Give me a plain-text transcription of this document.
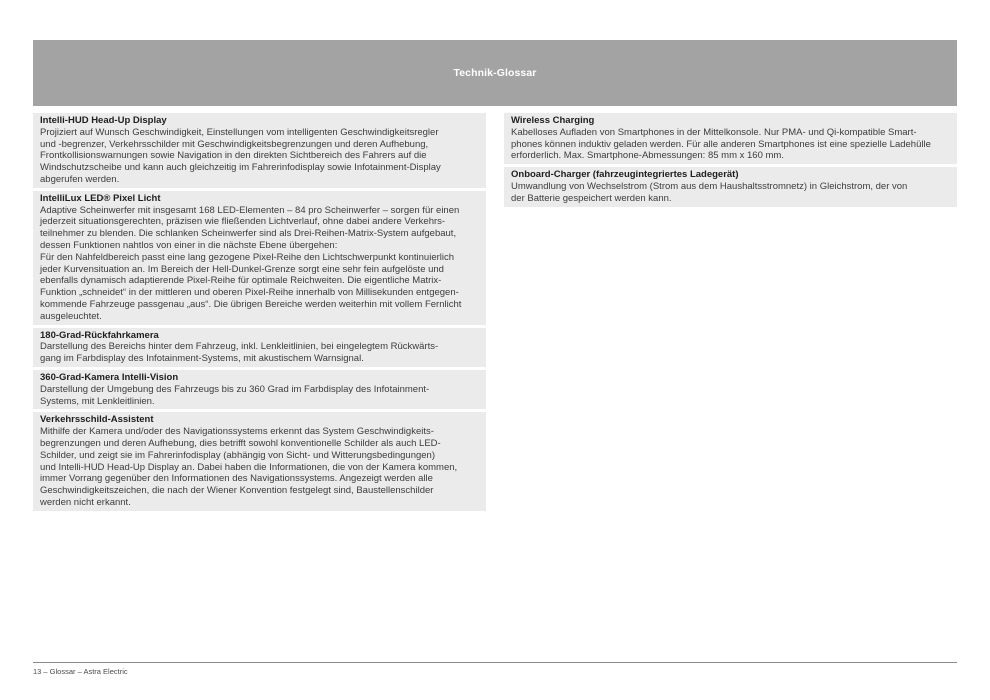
Technik-Glossar
Intelli-HUD Head-Up Display
Projiziert auf Wunsch Geschwindigkeit, Einstellungen vom intelligenten Geschwindigkeitsregler
und -begrenzer, Verkehrsschilder mit Geschwindigkeitsbegrenzungen und deren Aufhebung,
Frontkollisionswarnungen sowie Navigation in den direkten Sichtbereich des Fahrers auf die
Windschutzscheibe und kann auch gleichzeitig im Fahrerinfodisplay sowie Infotainment-Display
abgerufen werden.
IntelliLux LED® Pixel Licht
Adaptive Scheinwerfer mit insgesamt 168 LED-Elementen – 84 pro Scheinwerfer – sorgen für einen
jederzeit situationsgerechten, präzisen wie fließenden Lichtverlauf, ohne dabei andere Verkehrs-
teilnehmer zu blenden. Die schlanken Scheinwerfer sind als Drei-Reihen-Matrix-System aufgebaut,
dessen Funktionen nahtlos von einer in die nächste Ebene übergehen:
Für den Nahfeldbereich passt eine lang gezogene Pixel-Reihe den Lichtschwerpunkt kontinuierlich
jeder Kurvensituation an. Im Bereich der Hell-Dunkel-Grenze sorgt eine sehr fein aufgelöste und
ebenfalls dynamisch adaptierende Pixel-Reihe für optimale Reichweiten. Die eigentliche Matrix-
Funktion „schneidet“ in der mittleren und oberen Pixel-Reihe innerhalb von Millisekunden entgegen-
kommende Fahrzeuge passgenau „aus“. Die übrigen Bereiche werden weiterhin mit vollem Fernlicht
ausgeleuchtet.
180-Grad-Rückfahrkamera
Darstellung des Bereichs hinter dem Fahrzeug, inkl. Lenkleitlinien, bei eingelegtem Rückwärts-
gang im Farbdisplay des Infotainment-Systems, mit akustischem Warnsignal.
360-Grad-Kamera Intelli-Vision
Darstellung der Umgebung des Fahrzeugs bis zu 360 Grad im Farbdisplay des Infotainment-
Systems, mit Lenkleitlinien.
Verkehrsschild-Assistent
Mithilfe der Kamera und/oder des Navigationssystems erkennt das System Geschwindigkeits-
begrenzungen und deren Aufhebung, dies betrifft sowohl konventionelle Schilder als auch LED-
Schilder, und zeigt sie im Fahrerinfodisplay (abhängig von Sicht- und Witterungsbedingungen)
und Intelli-HUD Head-Up Display an. Dabei haben die Informationen, die von der Kamera kommen,
immer Vorrang gegenüber den Informationen des Navigationssystems. Angezeigt werden alle
Geschwindigkeitszeichen, die nach der Wiener Konvention festgelegt sind, Baustellenschilder
werden nicht erkannt.
Wireless Charging
Kabelloses Aufladen von Smartphones in der Mittelkonsole. Nur PMA- und Qi-kompatible Smart-
phones können induktiv geladen werden. Für alle anderen Smartphones ist eine spezielle Ladehülle
erforderlich. Max. Smartphone-Abmessungen: 85 mm x 160 mm.
Onboard-Charger (fahrzeugintegriertes Ladegerät)
Umwandlung von Wechselstrom (Strom aus dem Haushaltsstromnetz) in Gleichstrom, der von
der Batterie gespeichert werden kann.
13 – Glossar – Astra Electric
